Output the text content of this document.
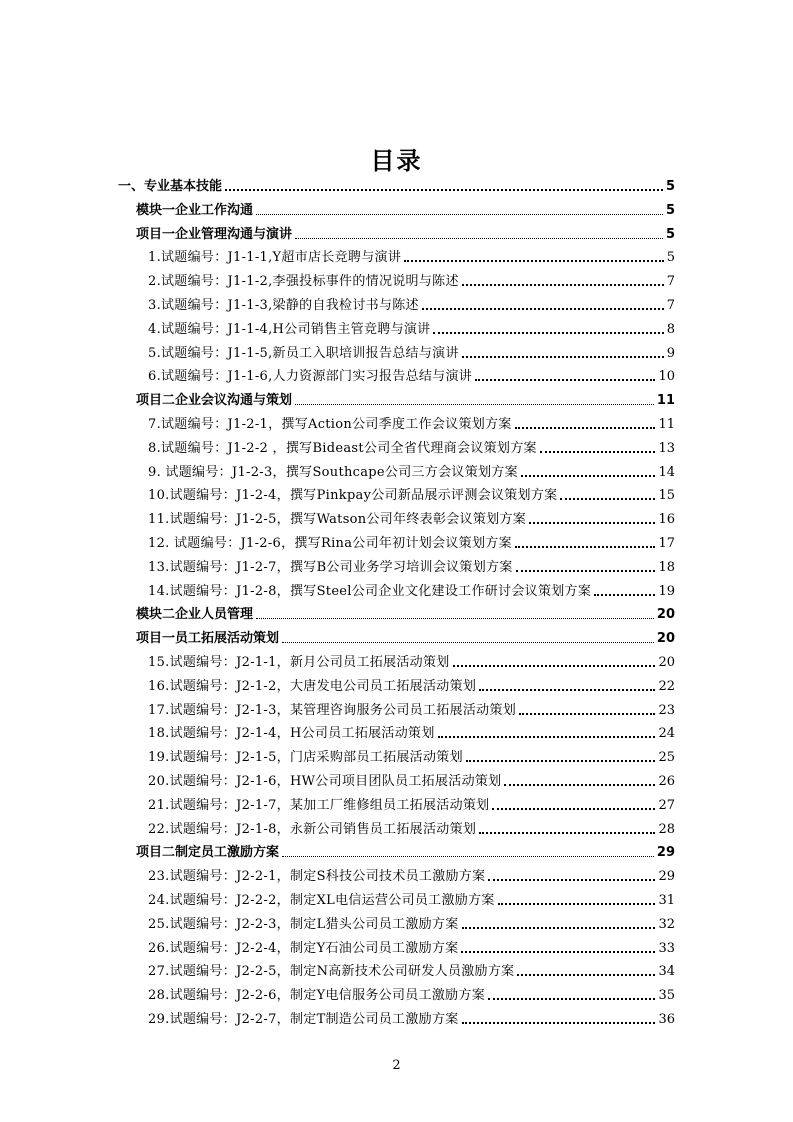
目录
一、专业基本技能	5
模块一企业工作沟通	5
项目一企业管理沟通与演讲	5
1.试题编号：J1-1-1,Y超市店长竞聘与演讲	5
2.试题编号：J1-1-2,李强投标事件的情况说明与陈述	7
3.试题编号：J1-1-3,梁静的自我检讨书与陈述	7
4.试题编号：J1-1-4,H公司销售主管竞聘与演讲	8
5.试题编号：J1-1-5,新员工入职培训报告总结与演讲	9
6.试题编号：J1-1-6,人力资源部门实习报告总结与演讲	10
项目二企业会议沟通与策划	11
7.试题编号：J1-2-1，撰写Action公司季度工作会议策划方案	11
8.试题编号：J1-2-2 ，撰写Bideast公司全省代理商会议策划方案	13
9. 试题编号：J1-2-3，撰写Southcape公司三方会议策划方案	14
10.试题编号：J1-2-4，撰写Pinkpay公司新品展示评测会议策划方案	15
11.试题编号：J1-2-5，撰写Watson公司年终表彰会议策划方案	16
12. 试题编号：J1-2-6，撰写Rina公司年初计划会议策划方案	17
13.试题编号：J1-2-7，撰写B公司业务学习培训会议策划方案	18
14.试题编号：J1-2-8，撰写Steel公司企业文化建设工作研讨会议策划方案	19
模块二企业人员管理	20
项目一员工拓展活动策划	20
15.试题编号：J2-1-1，新月公司员工拓展活动策划	20
16.试题编号：J2-1-2，大唐发电公司员工拓展活动策划	22
17.试题编号：J2-1-3，某管理咨询服务公司员工拓展活动策划	23
18.试题编号：J2-1-4，H公司员工拓展活动策划	24
19.试题编号：J2-1-5，门店采购部员工拓展活动策划	25
20.试题编号：J2-1-6，HW公司项目团队员工拓展活动策划	26
21.试题编号：J2-1-7，某加工厂维修组员工拓展活动策划	27
22.试题编号：J2-1-8，永新公司销售员工拓展活动策划	28
项目二制定员工激励方案	29
23.试题编号：J2-2-1，制定S科技公司技术员工激励方案	29
24.试题编号：J2-2-2，制定XL电信运营公司员工激励方案	31
25.试题编号：J2-2-3，制定L猎头公司员工激励方案	32
26.试题编号：J2-2-4，制定Y石油公司员工激励方案	33
27.试题编号：J2-2-5，制定N高新技术公司研发人员激励方案	34
28.试题编号：J2-2-6，制定Y电信服务公司员工激励方案	35
29.试题编号：J2-2-7，制定T制造公司员工激励方案	36
2
